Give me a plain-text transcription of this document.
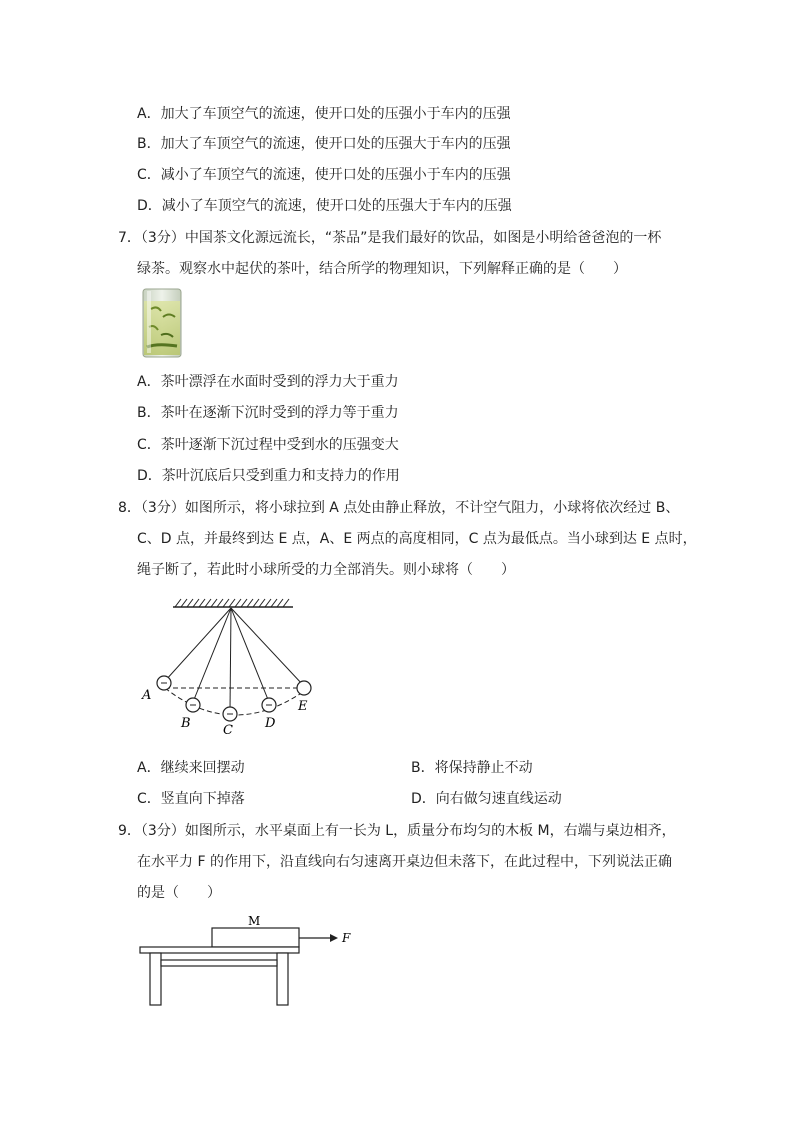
A．加大了车顶空气的流速，使开口处的压强小于车内的压强
B．加大了车顶空气的流速，使开口处的压强大于车内的压强
C．减小了车顶空气的流速，使开口处的压强小于车内的压强
D．减小了车顶空气的流速，使开口处的压强大于车内的压强
7．（3分）中国茶文化源远流长，“茶品”是我们最好的饮品，如图是小明给爸爸泡的一杯
绿茶。观察水中起伏的茶叶，结合所学的物理知识，下列解释正确的是（　　）
A．茶叶漂浮在水面时受到的浮力大于重力
B．茶叶在逐渐下沉时受到的浮力等于重力
C．茶叶逐渐下沉过程中受到水的压强变大
D．茶叶沉底后只受到重力和支持力的作用
8．（3分）如图所示，将小球拉到 A 点处由静止释放，不计空气阻力，小球将依次经过 B、
C、D 点，并最终到达 E 点，A、E 两点的高度相同，C 点为最低点。当小球到达 E 点时，
绳子断了，若此时小球所受的力全部消失。则小球将（　　）
A
B C D
E
A．继续来回摆动	B．将保持静止不动
C．竖直向下掉落	D．向右做匀速直线运动
9．（3分）如图所示，水平桌面上有一长为 L，质量分布均匀的木板 M，右端与桌边相齐，
在水平力 F 的作用下，沿直线向右匀速离开桌边但未落下，在此过程中，下列说法正确
的是（　　）
M
F
